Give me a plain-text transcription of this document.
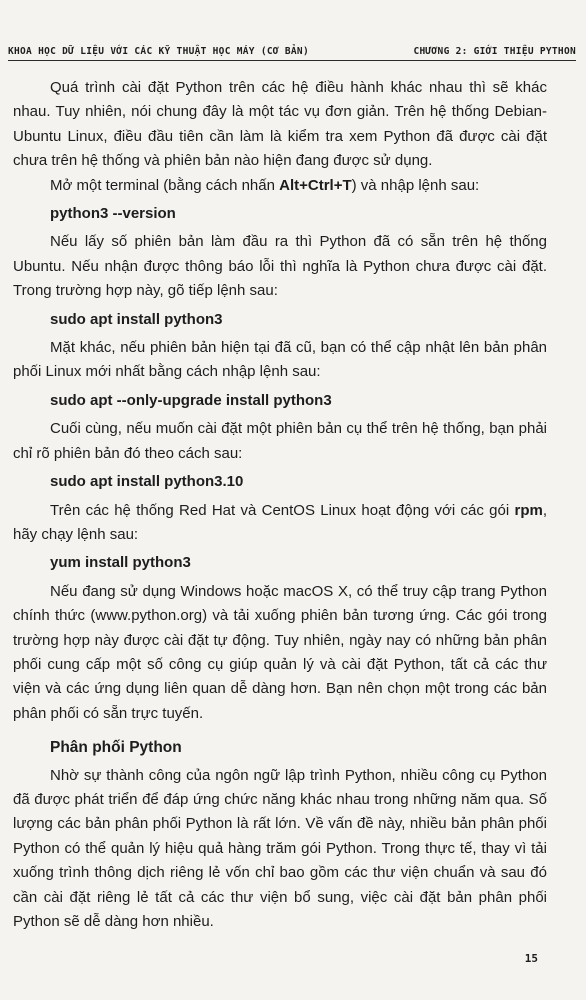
KHOA HỌC DỮ LIỆU VỚI CÁC KỸ THUẬT HỌC MÁY (CƠ BẢN)	CHƯƠNG 2: GIỚI THIỆU PYTHON

Quá trình cài đặt Python trên các hệ điều hành khác nhau thì sẽ khác nhau. Tuy nhiên, nói chung đây là một tác vụ đơn giản. Trên hệ thống Debian-Ubuntu Linux, điều đầu tiên cần làm là kiểm tra xem Python đã được cài đặt chưa trên hệ thống và phiên bản nào hiện đang được sử dụng.

Mở một terminal (bằng cách nhấn Alt+Ctrl+T) và nhập lệnh sau:

python3 --version

Nếu lấy số phiên bản làm đầu ra thì Python đã có sẵn trên hệ thống Ubuntu. Nếu nhận được thông báo lỗi thì nghĩa là Python chưa được cài đặt. Trong trường hợp này, gõ tiếp lệnh sau:

sudo apt install python3

Mặt khác, nếu phiên bản hiện tại đã cũ, bạn có thể cập nhật lên bản phân phối Linux mới nhất bằng cách nhập lệnh sau:

sudo apt --only-upgrade install python3

Cuối cùng, nếu muốn cài đặt một phiên bản cụ thể trên hệ thống, bạn phải chỉ rõ phiên bản đó theo cách sau:

sudo apt install python3.10

Trên các hệ thống Red Hat và CentOS Linux hoạt động với các gói rpm, hãy chạy lệnh sau:

yum install python3

Nếu đang sử dụng Windows hoặc macOS X, có thể truy cập trang Python chính thức (www.python.org) và tải xuống phiên bản tương ứng. Các gói trong trường hợp này được cài đặt tự động. Tuy nhiên, ngày nay có những bản phân phối cung cấp một số công cụ giúp quản lý và cài đặt Python, tất cả các thư viện và các ứng dụng liên quan dễ dàng hơn. Bạn nên chọn một trong các bản phân phối có sẵn trực tuyến.

Phân phối Python

Nhờ sự thành công của ngôn ngữ lập trình Python, nhiều công cụ Python đã được phát triển để đáp ứng chức năng khác nhau trong những năm qua. Số lượng các bản phân phối Python là rất lớn. Về vấn đề này, nhiều bản phân phối Python có thể quản lý hiệu quả hàng trăm gói Python. Trong thực tế, thay vì tải xuống trình thông dịch riêng lẻ vốn chỉ bao gồm các thư viện chuẩn và sau đó cần cài đặt riêng lẻ tất cả các thư viện bổ sung, việc cài đặt bản phân phối Python sẽ dễ dàng hơn nhiều.

15
